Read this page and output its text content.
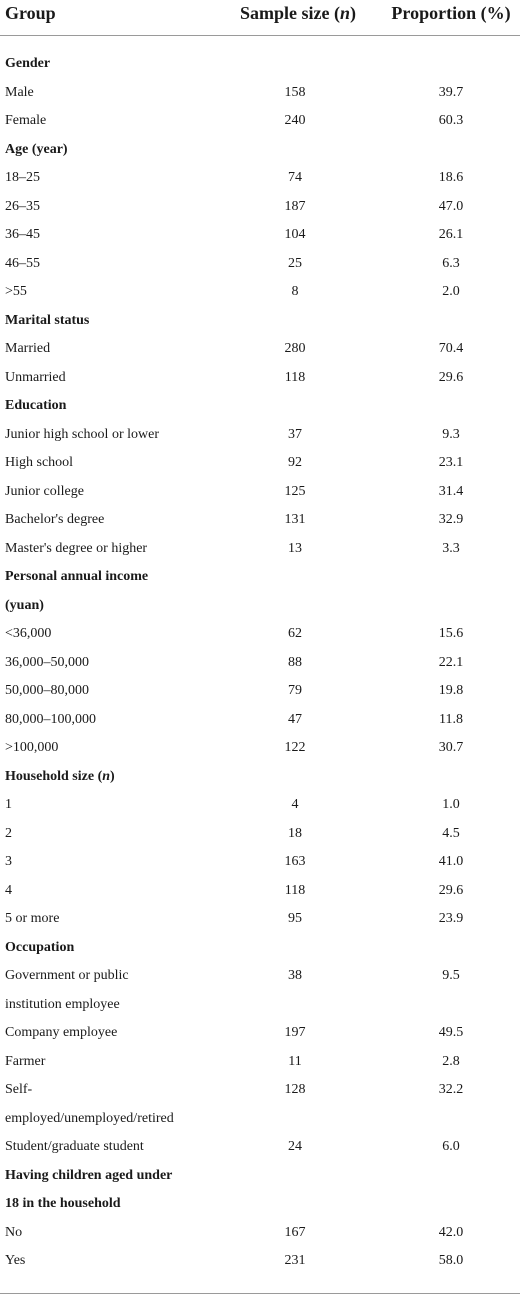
Group	Sample size (n)	Proportion (%)
Gender
Male	158	39.7
Female	240	60.3
Age (year)
18–25	74	18.6
26–35	187	47.0
36–45	104	26.1
46–55	25	6.3
>55	8	2.0
Marital status
Married	280	70.4
Unmarried	118	29.6
Education
Junior high school or lower	37	9.3
High school	92	23.1
Junior college	125	31.4
Bachelor's degree	131	32.9
Master's degree or higher	13	3.3
Personal annual income
(yuan)
<36,000	62	15.6
36,000–50,000	88	22.1
50,000–80,000	79	19.8
80,000–100,000	47	11.8
>100,000	122	30.7
Household size (n)
1	4	1.0
2	18	4.5
3	163	41.0
4	118	29.6
5 or more	95	23.9
Occupation
Government or public	38	9.5
institution employee
Company employee	197	49.5
Farmer	11	2.8
Self-	128	32.2
employed/unemployed/retired
Student/graduate student	24	6.0
Having children aged under
18 in the household
No	167	42.0
Yes	231	58.0
